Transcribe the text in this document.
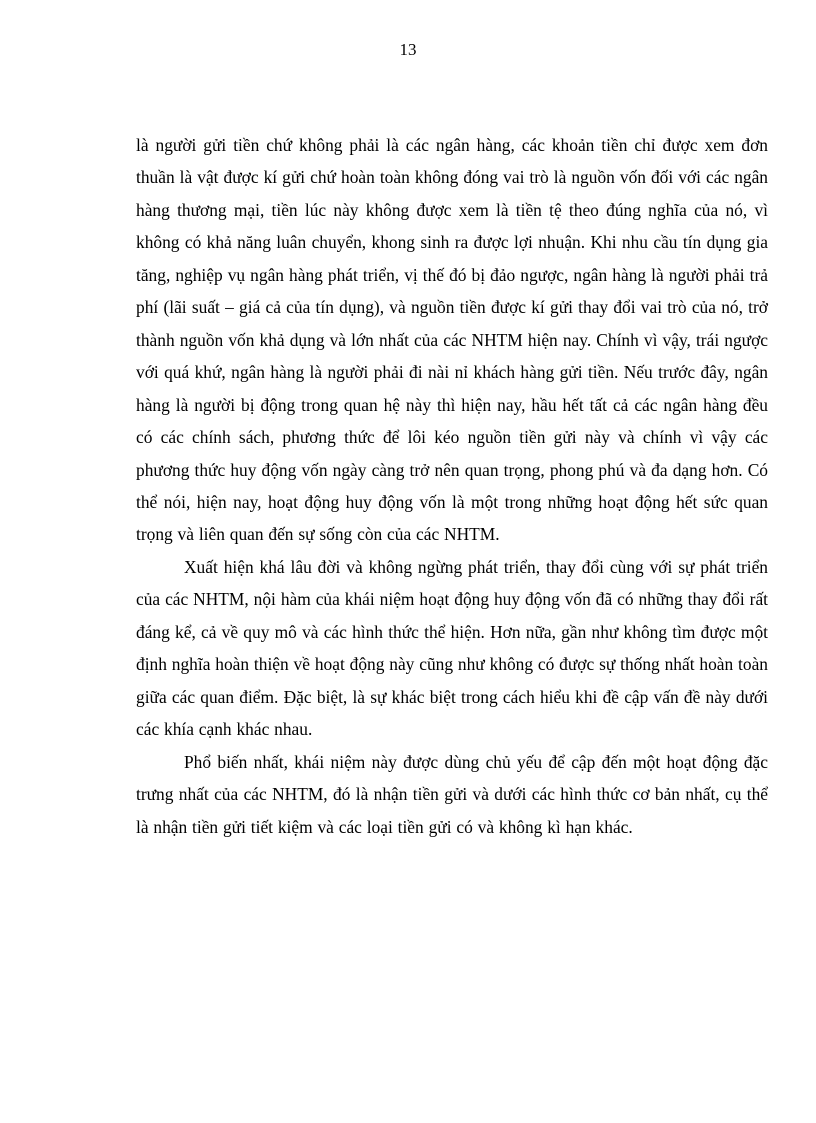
13

là người gửi tiền chứ không phải là các ngân hàng, các khoản tiền chỉ được xem đơn thuần là vật được kí gửi chứ hoàn toàn không đóng vai trò là nguồn vốn đối với các ngân hàng thương mại, tiền lúc này không được xem là tiền tệ theo đúng nghĩa của nó, vì không có khả năng luân chuyển, khong sinh ra được lợi nhuận. Khi nhu cầu tín dụng gia tăng, nghiệp vụ ngân hàng phát triển, vị thế đó bị đảo ngược, ngân hàng là người phải trả phí (lãi suất – giá cả của tín dụng), và nguồn tiền được kí gửi thay đổi vai trò của nó, trở thành nguồn vốn khả dụng và lớn nhất của các NHTM hiện nay. Chính vì vậy, trái ngược với quá khứ, ngân hàng là người phải đi nài nỉ khách hàng gửi tiền. Nếu trước đây, ngân hàng là người bị động trong quan hệ này thì hiện nay, hầu hết tất cả các ngân hàng đều có các chính sách, phương thức để lôi kéo nguồn tiền gửi này và chính vì vậy các phương thức huy động vốn ngày càng trở nên quan trọng, phong phú và đa dạng hơn. Có thể nói, hiện nay, hoạt động huy động vốn là một trong những hoạt động hết sức quan trọng và liên quan đến sự sống còn của các NHTM.

Xuất hiện khá lâu đời và không ngừng phát triển, thay đổi cùng với sự phát triển của các NHTM, nội hàm của khái niệm hoạt động huy động vốn đã có những thay đổi rất đáng kể, cả về quy mô và các hình thức thể hiện. Hơn nữa, gần như không tìm được một định nghĩa hoàn thiện về hoạt động này cũng như không có được sự thống nhất hoàn toàn giữa các quan điểm. Đặc biệt, là sự khác biệt trong cách hiểu khi đề cập vấn đề này dưới các khía cạnh khác nhau.

Phổ biến nhất, khái niệm này được dùng chủ yếu để cập đến một hoạt động đặc trưng nhất của các NHTM, đó là nhận tiền gửi và dưới các hình thức cơ bản nhất, cụ thể là nhận tiền gửi tiết kiệm và các loại tiền gửi có và không kì hạn khác.
